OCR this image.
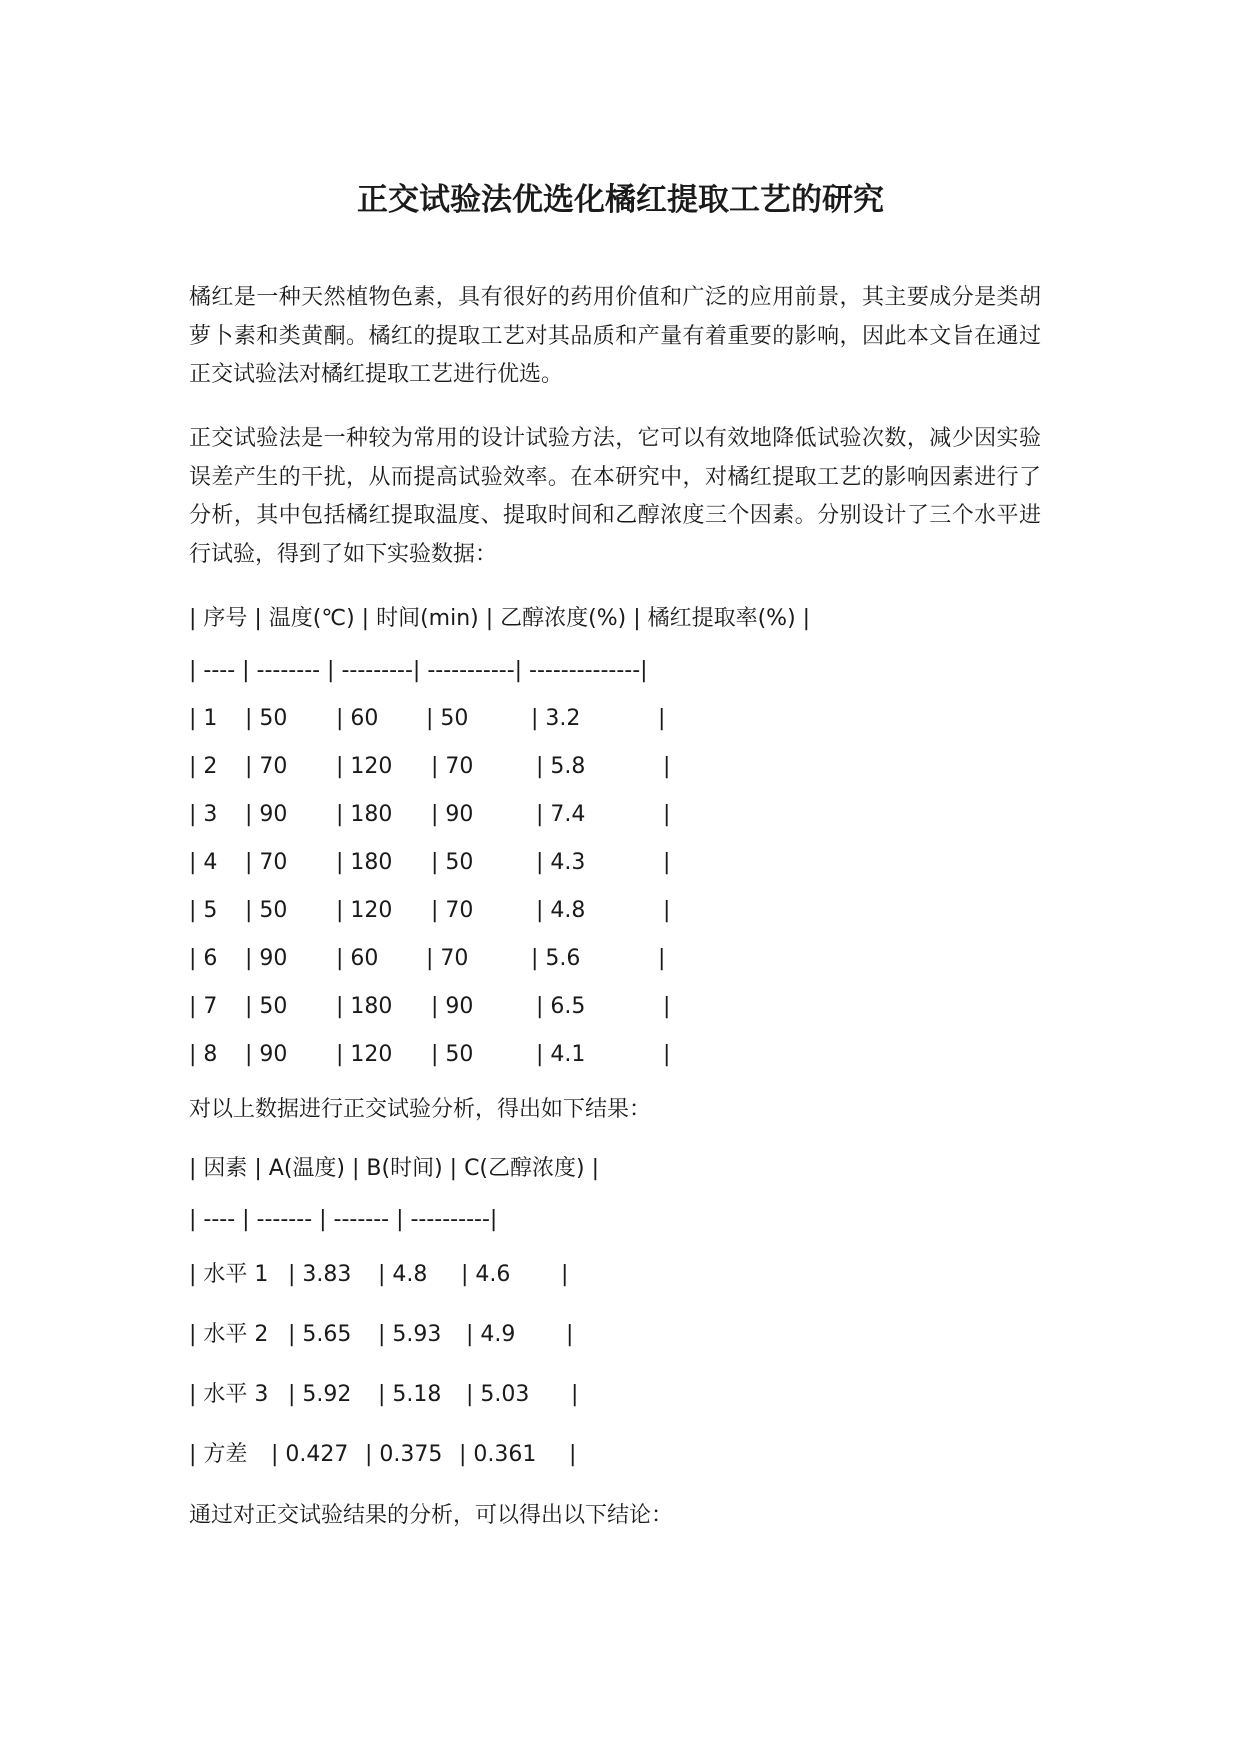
正交试验法优选化橘红提取工艺的研究

橘红是一种天然植物色素，具有很好的药用价值和广泛的应用前景，其主要成分是类胡萝卜素和类黄酮。橘红的提取工艺对其品质和产量有着重要的影响，因此本文旨在通过正交试验法对橘红提取工艺进行优选。

正交试验法是一种较为常用的设计试验方法，它可以有效地降低试验次数，减少因实验误差产生的干扰，从而提高试验效率。在本研究中，对橘红提取工艺的影响因素进行了分析，其中包括橘红提取温度、提取时间和乙醇浓度三个因素。分别设计了三个水平进行试验，得到了如下实验数据：

| 序号 | 温度(℃) | 时间(min) | 乙醇浓度(%) | 橘红提取率(%) |
| ---- | -------- | ---------| -----------| --------------|
| 1 | 50 | 60 | 50	| 3.2	|
| 2 | 70 | 120 | 70	| 5.8	|
| 3 | 90 | 180 | 90	| 7.4	|
| 4 | 70 | 180 | 50	| 4.3	|
| 5 | 50 | 120 | 70	| 4.8	|
| 6 | 90 | 60 | 70	| 5.6	|
| 7 | 50 | 180 | 90	| 6.5	|
| 8 | 90 | 120 | 50	| 4.1	|
对以上数据进行正交试验分析，得出如下结果：
| 因素 | A(温度) | B(时间) | C(乙醇浓度) |
| ---- | ------- | ------- | ----------|
| 水平 1 | 3.83 | 4.8 | 4.6 |
| 水平 2 | 5.65 | 5.93 | 4.9 |
| 水平 3 | 5.92 | 5.18 | 5.03 |
| 方差 | 0.427 | 0.375 | 0.361 |
通过对正交试验结果的分析，可以得出以下结论：
